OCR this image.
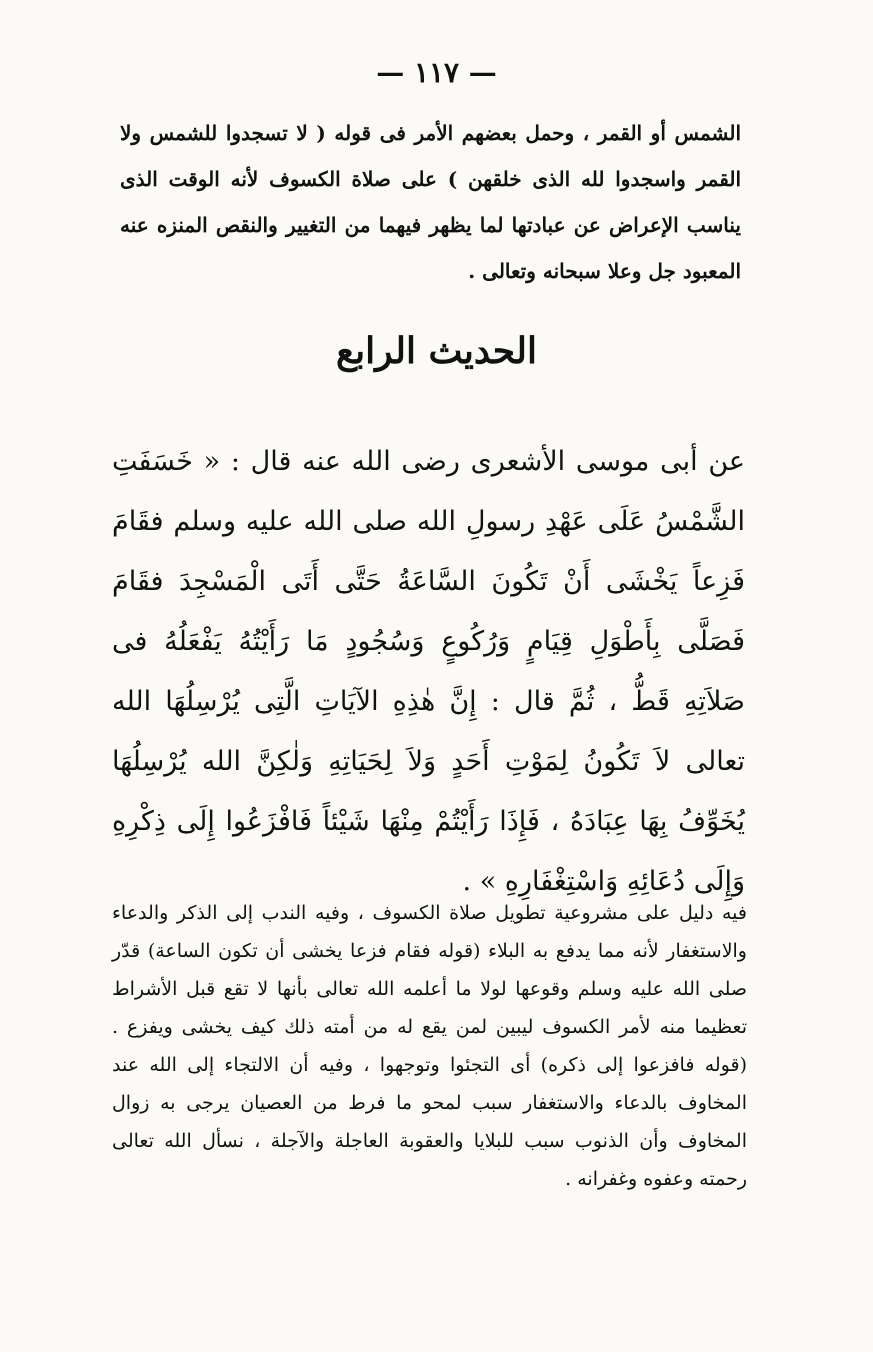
— ١١٧ —

الشمس أو القمر ، وحمل بعضهم الأمر فى قوله ( لا تسجدوا للشمس ولا القمر واسجدوا لله الذى خلقهن ) على صلاة الكسوف لأنه الوقت الذى يناسب الإعراض عن عبادتها لما يظهر فيهما من التغيير والنقص المنزه عنه المعبود جل وعلا سبحانه وتعالى .

الحديث الرابع

عن أبى موسى الأشعرى رضى الله عنه قال : « خَسَفَتِ الشَّمْسُ عَلَى عَهْدِ رسولِ الله صلى الله عليه وسلم فقَامَ فَزِعاً يَخْشَى أَنْ تَكُونَ السَّاعَةُ حَتَّى أَتَى الْمَسْجِدَ فقَامَ فَصَلَّى بِأَطْوَلِ قِيَامٍ وَرُكُوعٍ وَسُجُودٍ مَا رَأَيْتُهُ يَفْعَلُهُ فى صَلاَتِهِ قَطُّ ، ثُمَّ قال : إِنَّ هٰذِهِ الآيَاتِ الَّتِى يُرْسِلُهَا الله تعالى لاَ تَكُونُ لِمَوْتِ أَحَدٍ وَلاَ لِحَيَاتِهِ وَلٰكِنَّ الله يُرْسِلُهَا يُخَوِّفُ بِهَا عِبَادَهُ ، فَإِذَا رَأَيْتُمْ مِنْهَا شَيْئاً فَافْزَعُوا إِلَى ذِكْرِهِ وَإِلَى دُعَائِهِ وَاسْتِغْفَارِهِ » .

فيه دليل على مشروعية تطويل صلاة الكسوف ، وفيه الندب إلى الذكر والدعاء والاستغفار لأنه مما يدفع به البلاء (قوله فقام فزعا يخشى أن تكون الساعة) قدّر صلى الله عليه وسلم وقوعها لولا ما أعلمه الله تعالى بأنها لا تقع قبل الأشراط تعظيما منه لأمر الكسوف ليبين لمن يقع له من أمته ذلك كيف يخشى ويفزع . (قوله فافزعوا إلى ذكره) أى التجئوا وتوجهوا ، وفيه أن الالتجاء إلى الله عند المخاوف بالدعاء والاستغفار سبب لمحو ما فرط من العصيان يرجى به زوال المخاوف وأن الذنوب سبب للبلايا والعقوبة العاجلة والآجلة ، نسأل الله تعالى رحمته وعفوه وغفرانه .
